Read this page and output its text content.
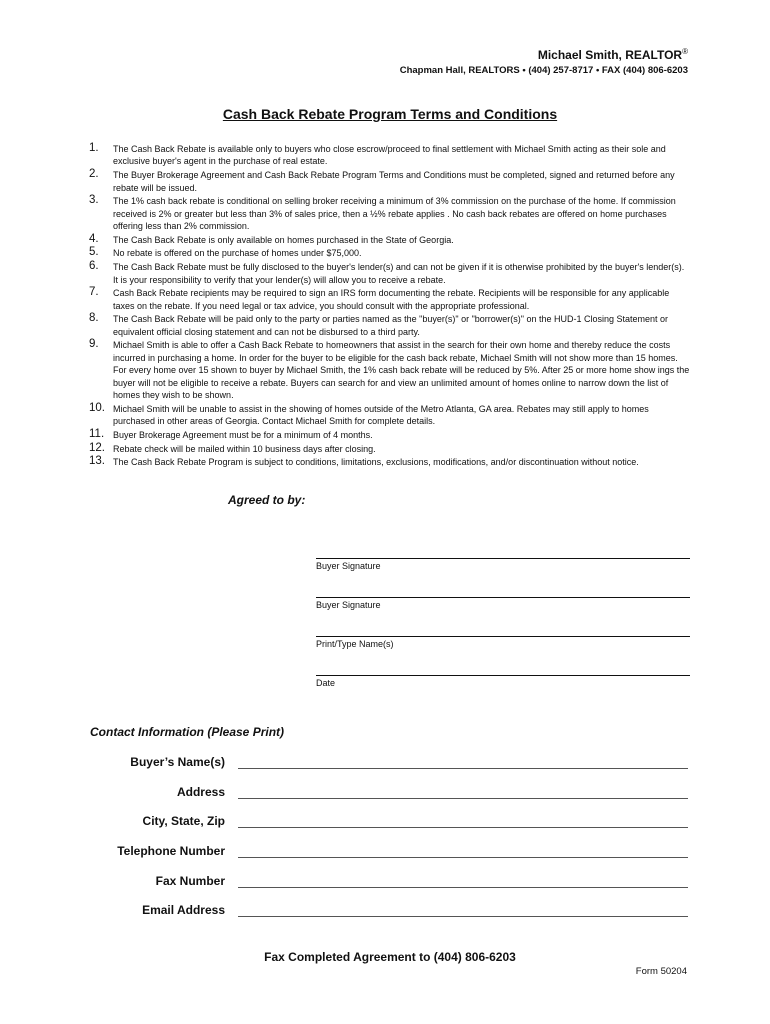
Michael Smith, REALTOR®
Chapman Hall, REALTORS • (404) 257-8717 • FAX (404) 806-6203
Cash Back Rebate Program Terms and Conditions
1. The Cash Back Rebate is available only to buyers who close escrow/proceed to final settlement with Michael Smith acting as their sole and exclusive buyer's agent in the purchase of real estate.
2. The Buyer Brokerage Agreement and Cash Back Rebate Program Terms and Conditions must be completed, signed and returned before any rebate will be issued.
3. The 1% cash back rebate is conditional on selling broker receiving a minimum of 3% commission on the purchase of the home. If commission received is 2% or greater but less than 3% of sales price, then a ½% rebate applies . No cash back rebates are offered on home purchases offering less than 2% commission.
4. The Cash Back Rebate is only available on homes purchased in the State of Georgia.
5. No rebate is offered on the purchase of homes under $75,000.
6. The Cash Back Rebate must be fully disclosed to the buyer's lender(s) and can not be given if it is otherwise prohibited by the buyer's lender(s). It is your responsibility to verify that your lender(s) will allow you to receive a rebate.
7. Cash Back Rebate recipients may be required to sign an IRS form documenting the rebate. Recipients will be responsible for any applicable taxes on the rebate. If you need legal or tax advice, you should consult with the appropriate professional.
8. The Cash Back Rebate will be paid only to the party or parties named as the "buyer(s)" or "borrower(s)" on the HUD-1 Closing Statement or equivalent official closing statement and can not be disbursed to a third party.
9. Michael Smith is able to offer a Cash Back Rebate to homeowners that assist in the search for their own home and thereby reduce the costs incurred in purchasing a home. In order for the buyer to be eligible for the cash back rebate, Michael Smith will not show more than 15 homes. For every home over 15 shown to buyer by Michael Smith, the 1% cash back rebate will be reduced by 5%. After 25 or more home show ings the buyer will not be eligible to receive a rebate. Buyers can search for and view an unlimited amount of homes online to narrow down the list of homes they wish to be shown.
10. Michael Smith will be unable to assist in the showing of homes outside of the Metro Atlanta, GA area. Rebates may still apply to homes purchased in other areas of Georgia. Contact Michael Smith for complete details.
11. Buyer Brokerage Agreement must be for a minimum of 4 months.
12. Rebate check will be mailed within 10 business days after closing.
13. The Cash Back Rebate Program is subject to conditions, limitations, exclusions, modifications, and/or discontinuation without notice.
Agreed to by:
Buyer Signature
Buyer Signature
Print/Type Name(s)
Date
Contact Information (Please Print)
Buyer’s Name(s)
Address
City, State, Zip
Telephone Number
Fax Number
Email Address
Fax Completed Agreement to (404) 806-6203
Form 50204
